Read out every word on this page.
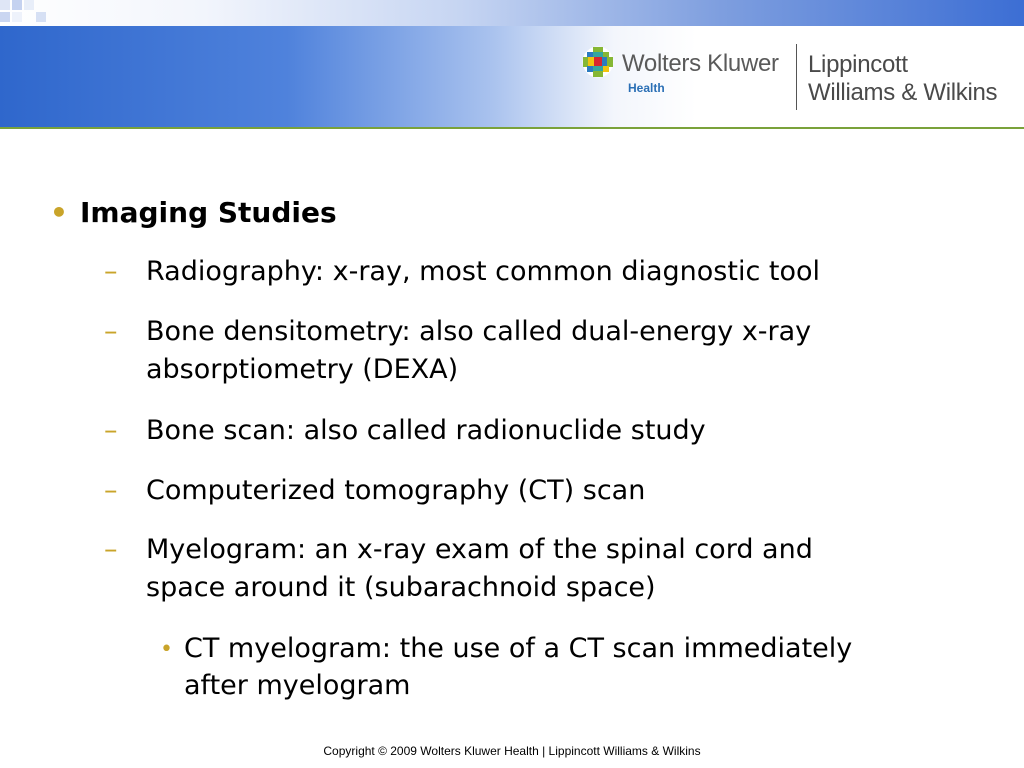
Wolters Kluwer
Health
Lippincott
Williams & Wilkins
• Imaging Studies
– Radiography: x-ray, most common diagnostic tool
– Bone densitometry: also called dual-energy x-ray
absorptiometry (DEXA)
– Bone scan: also called radionuclide study
– Computerized tomography (CT) scan
– Myelogram: an x-ray exam of the spinal cord and
space around it (subarachnoid space)
• CT myelogram: the use of a CT scan immediately
after myelogram
Copyright © 2009 Wolters Kluwer Health | Lippincott Williams & Wilkins
